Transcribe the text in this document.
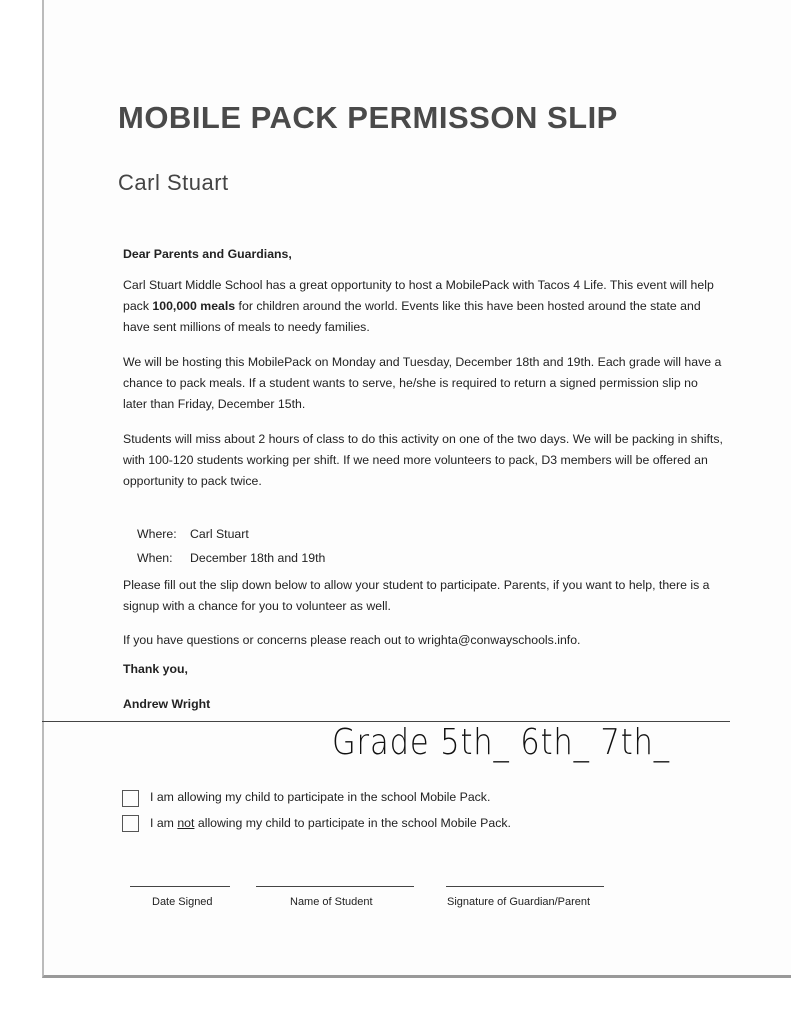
MOBILE PACK PERMISSON SLIP
Carl Stuart
Dear Parents and Guardians,
Carl Stuart Middle School has a great opportunity to host a MobilePack with Tacos 4 Life. This event will help pack 100,000 meals for children around the world. Events like this have been hosted around the state and have sent millions of meals to needy families.
We will be hosting this MobilePack on Monday and Tuesday, December 18th and 19th. Each grade will have a chance to pack meals. If a student wants to serve, he/she is required to return a signed permission slip no later than Friday, December 15th.
Students will miss about 2 hours of class to do this activity on one of the two days. We will be packing in shifts, with 100-120 students working per shift. If we need more volunteers to pack, D3 members will be offered an opportunity to pack twice.
Where: Carl Stuart
When: December 18th and 19th
Please fill out the slip down below to allow your student to participate. Parents, if you want to help, there is a signup with a chance for you to volunteer as well.
If you have questions or concerns please reach out to wrighta@conwayschools.info.
Thank you,
Andrew Wright
Grade 5th_ 6th_ 7th_
I am allowing my child to participate in the school Mobile Pack.
I am not allowing my child to participate in the school Mobile Pack.
Date Signed	Name of Student	Signature of Guardian/Parent
